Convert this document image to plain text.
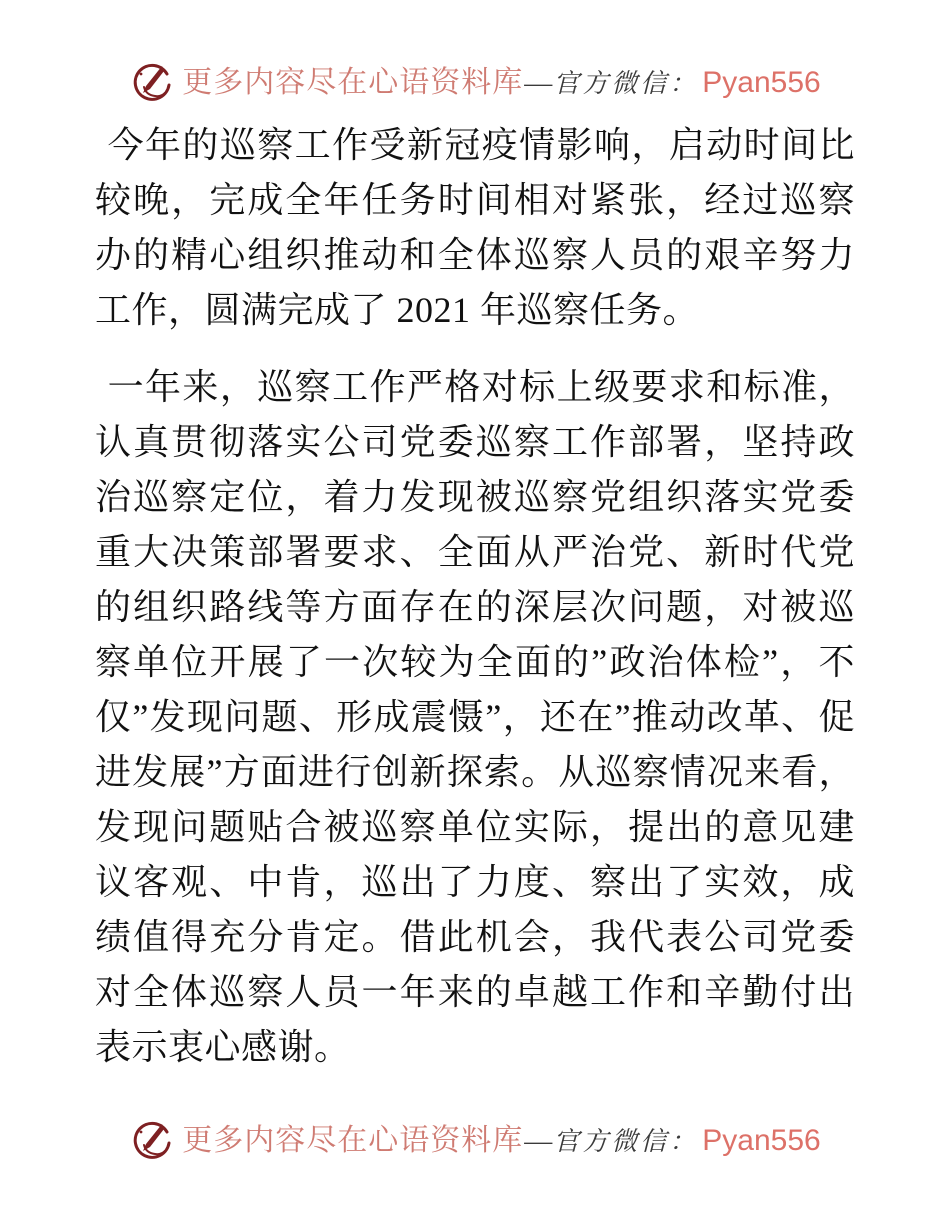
更多内容尽在心语资料库 — 官方微信： Pyan556

今年的巡察工作受新冠疫情影响，启动时间比较晚，完成全年任务时间相对紧张，经过巡察办的精心组织推动和全体巡察人员的艰辛努力工作，圆满完成了 2021 年巡察任务。

一年来，巡察工作严格对标上级要求和标准，认真贯彻落实公司党委巡察工作部署，坚持政治巡察定位，着力发现被巡察党组织落实党委重大决策部署要求、全面从严治党、新时代党的组织路线等方面存在的深层次问题，对被巡察单位开展了一次较为全面的”政治体检”，不仅”发现问题、形成震慑”，还在”推动改革、促进发展”方面进行创新探索。从巡察情况来看，发现问题贴合被巡察单位实际，提出的意见建议客观、中肯，巡出了力度、察出了实效，成绩值得充分肯定。借此机会，我代表公司党委对全体巡察人员一年来的卓越工作和辛勤付出表示衷心感谢。

更多内容尽在心语资料库 — 官方微信： Pyan556
